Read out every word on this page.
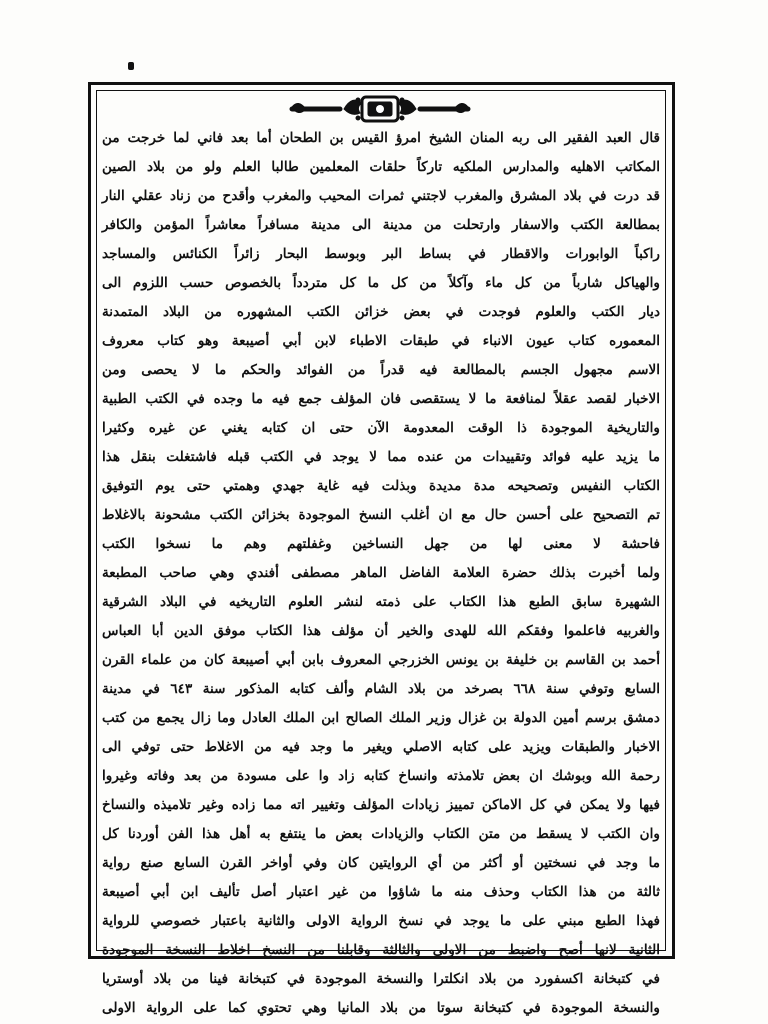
قال العبد الفقير الى ربه المنان الشيخ امرؤ القيس بن الطحان أما بعد فاني لما خرجت من
المكاتب الاهليه والمدارس الملكيه تاركاً حلقات المعلمين طالبا العلم ولو من بلاد الصين
قد درت في بلاد المشرق والمغرب لاجتني ثمرات المحيب والمغرب وأقدح من زناد عقلي النار
بمطالعة الكتب والاسفار وارتحلت من مدينة الى مدينة مسافراً معاشراً المؤمن والكافر
راكباً الوابورات والاقطار في بساط البر وبوسط البحار زائراً الكنائس والمساجد
والهياكل شارباً من كل ماء وآكلاً من كل ما كل متردداً بالخصوص حسب اللزوم الى
ديار الكتب والعلوم فوجدت في بعض خزائن الكتب المشهوره من البلاد المتمدنة
المعموره كتاب عيون الانباء في طبقات الاطباء لابن أبي أصيبعة وهو كتاب معروف
الاسم مجهول الجسم بالمطالعة فيه قدراً من الفوائد والحكم ما لا يحصى ومن
الاخبار لقصد عقلاً لمنافعة ما لا يستقصى فان المؤلف جمع فيه ما وجده في الكتب الطبية
والتاريخية الموجودة ذا الوقت المعدومة الآن حتى ان كتابه يغني عن غيره وكثيرا
ما يزيد عليه فوائد وتقييدات من عنده مما لا يوجد في الكتب قبله فاشتغلت بنقل هذا
الكتاب النفيس وتصحيحه مدة مديدة وبذلت فيه غاية جهدي وهمتي حتى يوم التوفيق
تم التصحيح على أحسن حال مع ان أغلب النسخ الموجودة بخزائن الكتب مشحونة بالاغلاط
فاحشة لا معنى لها من جهل النساخين وغفلتهم وهم ما نسخوا الكتب
ولما أخبرت بذلك حضرة العلامة الفاضل الماهر مصطفى أفندي وهي صاحب المطبعة
الشهيرة سابق الطبع هذا الكتاب على ذمته لنشر العلوم التاريخيه في البلاد الشرقية
والغربيه فاعلموا وفقكم الله للهدى والخير أن مؤلف هذا الكتاب موفق الدين أبا العباس
أحمد بن القاسم بن خليفة بن يونس الخزرجي المعروف بابن أبي أصيبعة كان من علماء القرن
السابع وتوفي سنة ٦٦٨ بصرخد من بلاد الشام وألف كتابه المذكور سنة ٦٤٣ في مدينة
دمشق برسم أمين الدولة بن غزال وزير الملك الصالح ابن الملك العادل وما زال يجمع من كتب
الاخبار والطبقات ويزيد على كتابه الاصلي ويغير ما وجد فيه من الاغلاط حتى توفي الى
رحمة الله وبوشك ان بعض تلامذته وانساخ كتابه زاد وا على مسودة من بعد وفاته وغيروا
فيها ولا يمكن في كل الاماكن تمييز زيادات المؤلف وتغيير اته مما زاده وغير تلاميذه والنساخ
وان الكتب لا يسقط من متن الكتاب والزيادات بعض ما ينتفع به أهل هذا الفن أوردنا كل
ما وجد في نسختين أو أكثر من أي الروايتين كان وفي أواخر القرن السابع صنع رواية
ثالثة من هذا الكتاب وحذف منه ما شاؤوا من غير اعتبار أصل تأليف ابن أبي أصيبعة
فهذا الطبع مبني على ما يوجد في نسخ الرواية الاولى والثانية باعتبار خصوصي للرواية
الثانية لانها أصح واضبط من الاولى والثالثة وقابلنا من النسخ اخلاط النسخة الموجودة
في كتبخانة اكسفورد من بلاد انكلترا والنسخة الموجودة في كتبخانة فينا من بلاد أوستريا
والنسخة الموجودة في كتبخانة سوتا من بلاد المانيا وهي تحتوي كما على الرواية الاولى
